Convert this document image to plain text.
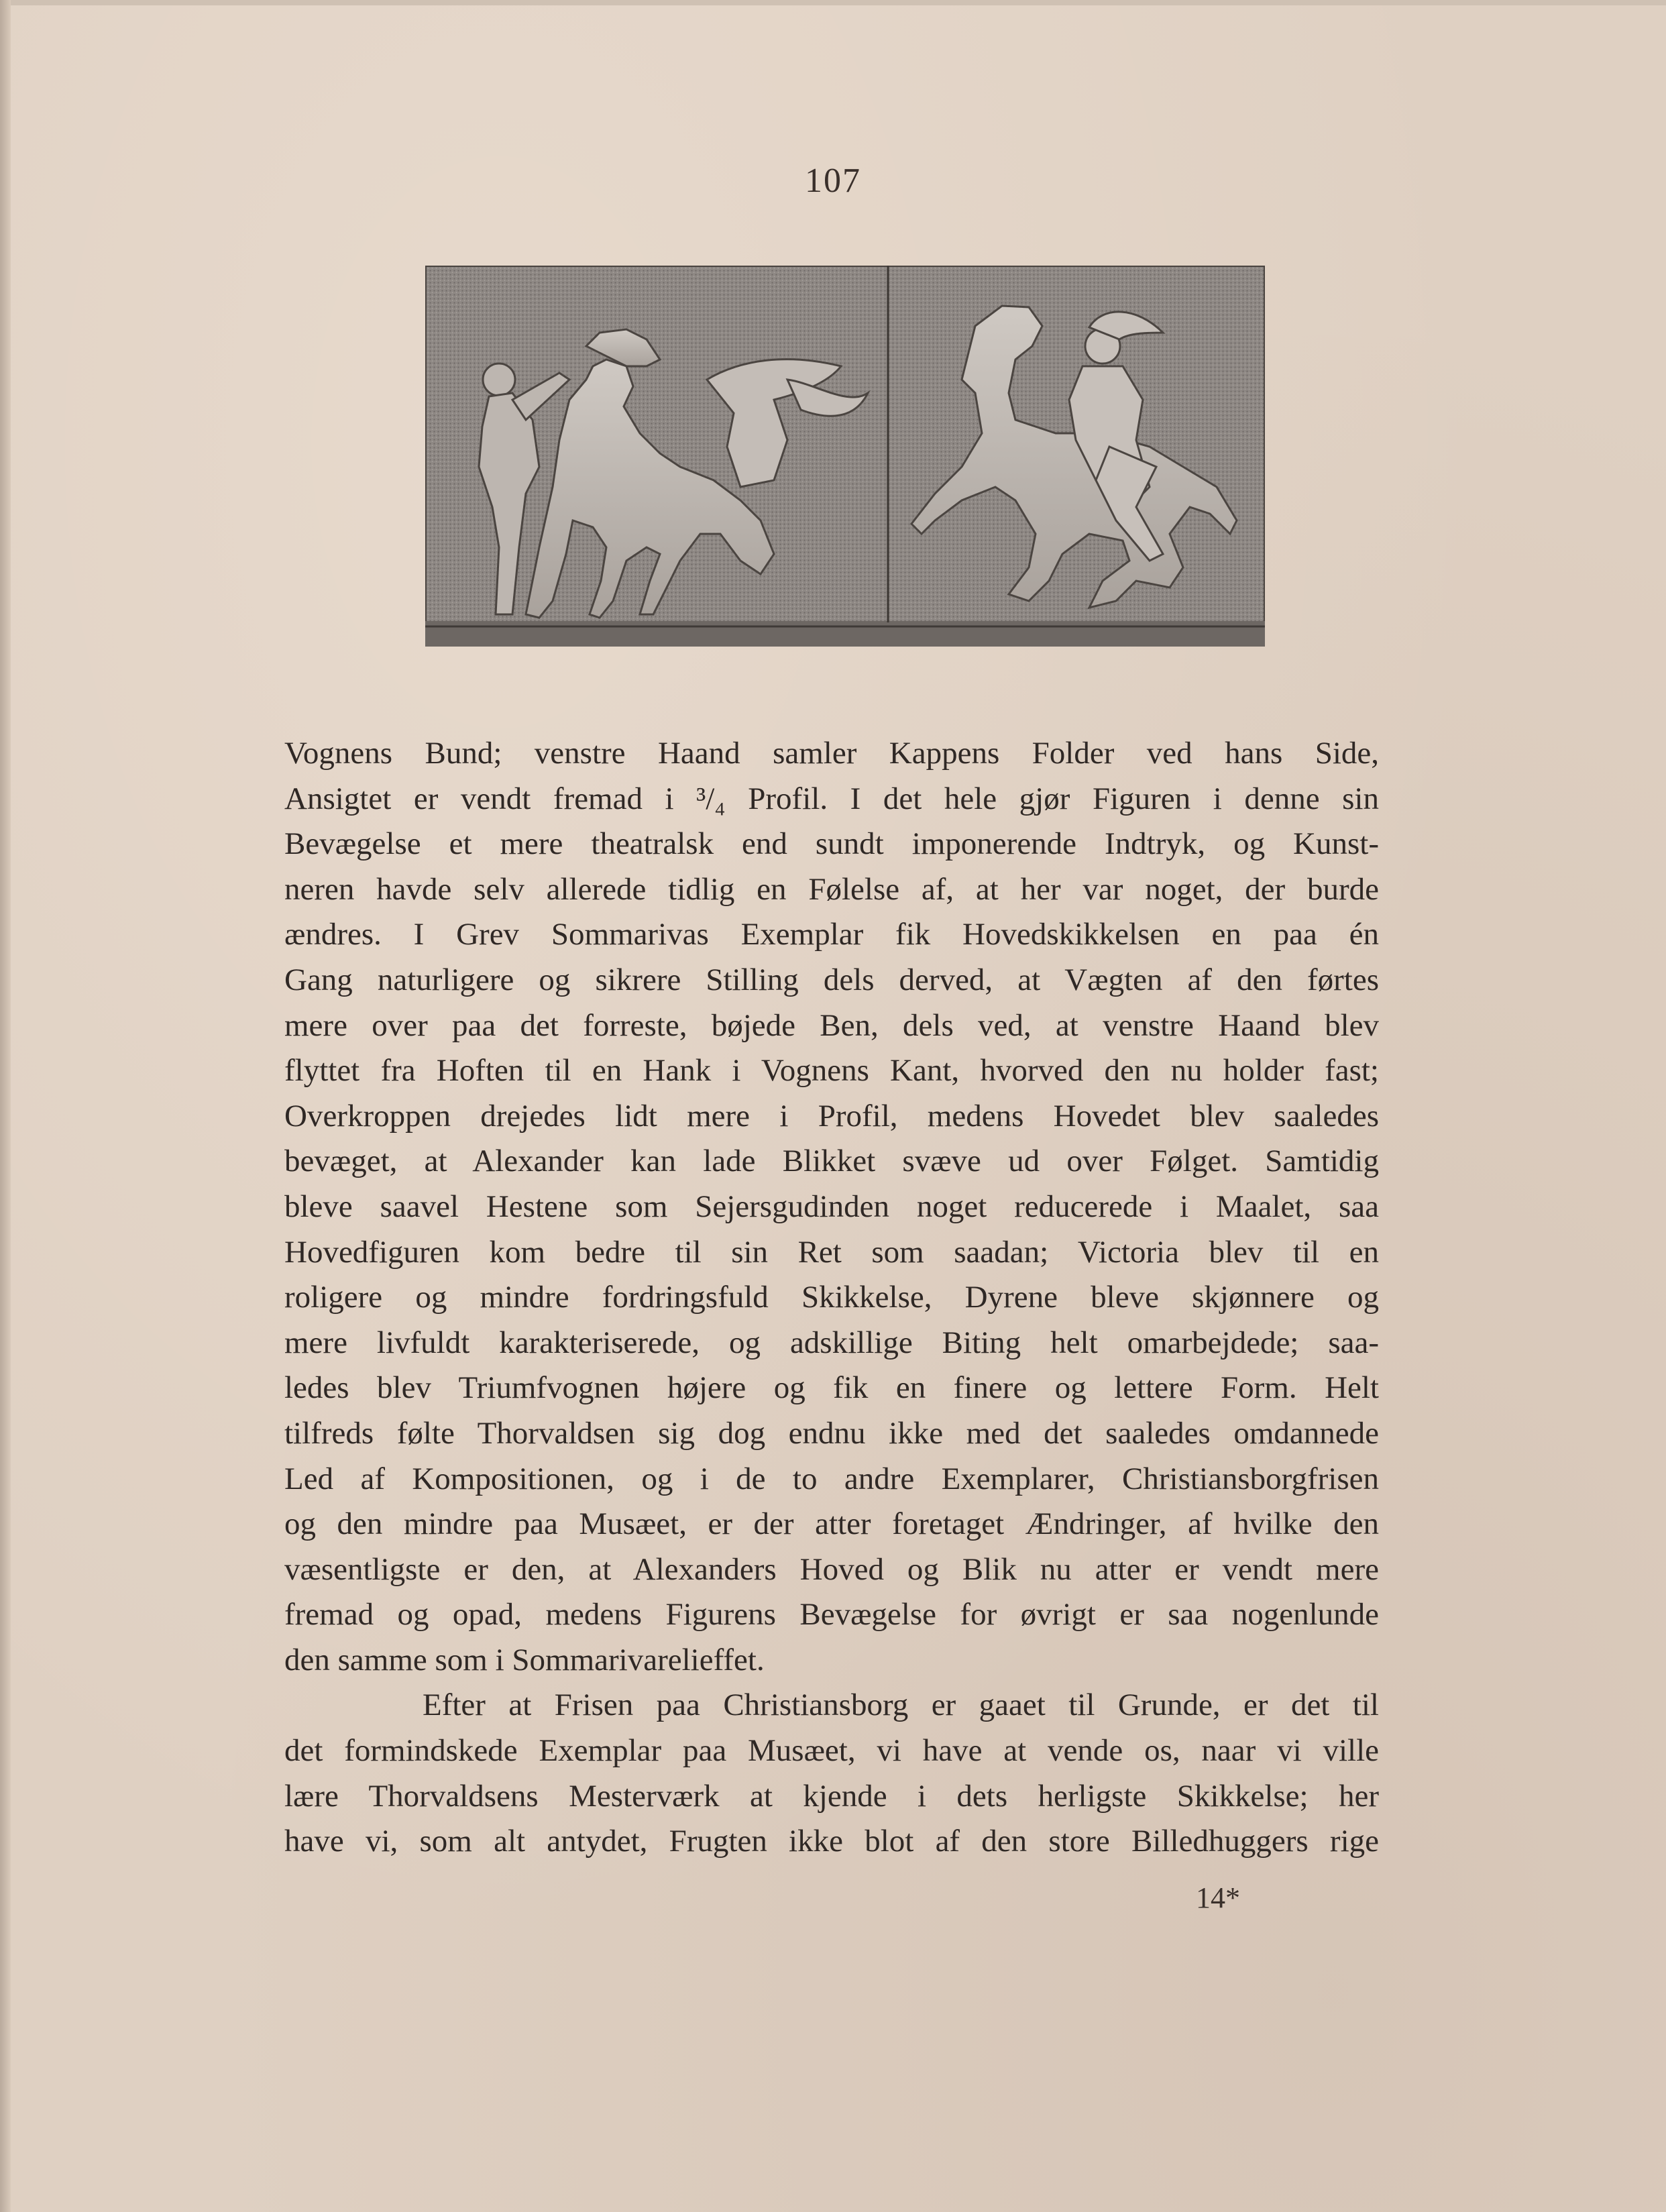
107
Vognens Bund; venstre Haand samler Kappens Folder ved hans Side,
Ansigtet er vendt fremad i ³/₄ Profil. I det hele gjør Figuren i denne sin
Bevægelse et mere theatralsk end sundt imponerende Indtryk, og Kunst-
neren havde selv allerede tidlig en Følelse af, at her var noget, der burde
ændres. I Grev Sommarivas Exemplar fik Hovedskikkelsen en paa én
Gang naturligere og sikrere Stilling dels derved, at Vægten af den førtes
mere over paa det forreste, bøjede Ben, dels ved, at venstre Haand blev
flyttet fra Hoften til en Hank i Vognens Kant, hvorved den nu holder fast;
Overkroppen drejedes lidt mere i Profil, medens Hovedet blev saaledes
bevæget, at Alexander kan lade Blikket svæve ud over Følget. Samtidig
bleve saavel Hestene som Sejersgudinden noget reducerede i Maalet, saa
Hovedfiguren kom bedre til sin Ret som saadan; Victoria blev til en
roligere og mindre fordringsfuld Skikkelse, Dyrene bleve skjønnere og
mere livfuldt karakteriserede, og adskillige Biting helt omarbejdede; saa-
ledes blev Triumfvognen højere og fik en finere og lettere Form. Helt
tilfreds følte Thorvaldsen sig dog endnu ikke med det saaledes omdannede
Led af Kompositionen, og i de to andre Exemplarer, Christiansborgfrisen
og den mindre paa Musæet, er der atter foretaget Ændringer, af hvilke den
væsentligste er den, at Alexanders Hoved og Blik nu atter er vendt mere
fremad og opad, medens Figurens Bevægelse for øvrigt er saa nogenlunde
den samme som i Sommarivarelieffet.
Efter at Frisen paa Christiansborg er gaaet til Grunde, er det til
det formindskede Exemplar paa Musæet, vi have at vende os, naar vi ville
lære Thorvaldsens Mesterværk at kjende i dets herligste Skikkelse; her
have vi, som alt antydet, Frugten ikke blot af den store Billedhuggers rige
14*
